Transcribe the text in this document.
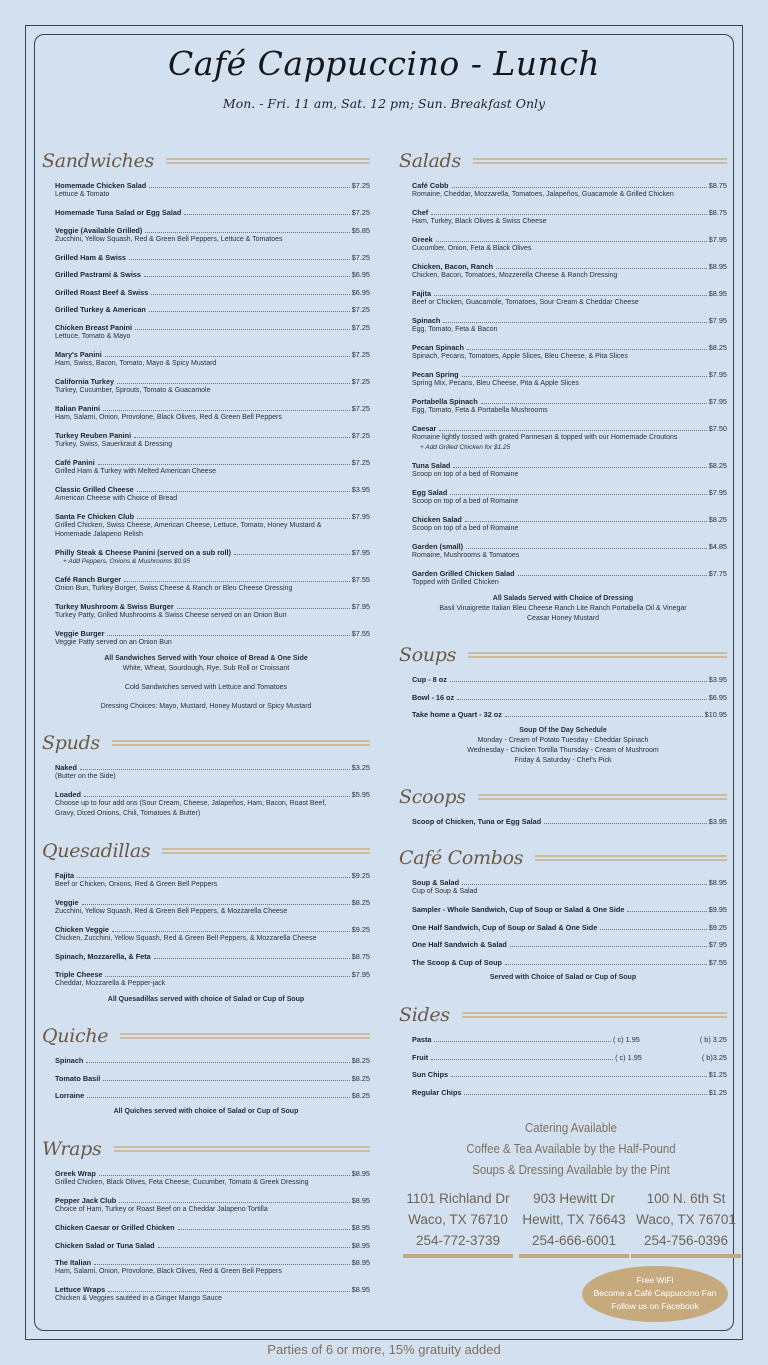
Café Cappuccino - Lunch
Mon. - Fri. 11 am, Sat. 12 pm; Sun. Breakfast Only
Sandwiches
Homemade Chicken Salad	$7.25
Lettuce & Tomato
Homemade Tuna Salad or Egg Salad	$7.25
Veggie (Available Grilled)	$5.85
Zucchini, Yellow Squash, Red & Green Bell Peppers, Lettuce & Tomatoes
Grilled Ham & Swiss	$7.25
Grilled Pastrami & Swiss	$6.95
Grilled Roast Beef & Swiss	$6.95
Grilled Turkey & American	$7.25
Chicken Breast Panini	$7.25
Lettuce, Tomato & Mayo
Mary's Panini	$7.25
Ham, Swiss, Bacon, Tomato, Mayo & Spicy Mustard
California Turkey	$7.25
Turkey, Cucumber, Sprouts, Tomato & Guacamole
Italian Panini	$7.25
Ham, Salami, Onion, Provolone, Black Olives, Red & Green Bell Peppers
Turkey Reuben Panini	$7.25
Turkey, Swiss, Sauerkraut & Dressing
Café Panini	$7.25
Grilled Ham & Turkey with Melted American Cheese
Classic Grilled Cheese	$3.95
American Cheese with Choice of Bread
Santa Fe Chicken Club	$7.95
Grilled Chicken, Swiss Cheese, American Cheese, Lettuce, Tomato, Honey Mustard &
Homemade Jalapeno Relish
Philly Steak & Cheese Panini (served on a sub roll)	$7.95
+ Add Peppers, Onions & Mushrooms $0.95
Café Ranch Burger	$7.55
Onion Bun, Turkey Burger, Swiss Cheese & Ranch or Bleu Cheese Dressing
Turkey Mushroom & Swiss Burger	$7.95
Turkey Patty, Grilled Mushrooms & Swiss Cheese served on an Onion Bun
Veggie Burger	$7.55
Veggie Patty served on an Onion Bun
All Sandwiches Served with Your choice of Bread & One Side
White, Wheat, Sourdough, Rye, Sub Roll or Croissant
Cold Sandwiches served with Lettuce and Tomatoes
Dressing Choices: Mayo, Mustard, Honey Mustard or Spicy Mustard
Spuds
Naked	$3.25
(Butter on the Side)
Loaded	$5.95
Choose up to four add ons (Sour Cream, Cheese, Jalapeños, Ham, Bacon, Roast Beef,
Gravy, Diced Onions, Chili, Tomatoes & Butter)
Quesadillas
Fajita	$9.25
Beef or Chicken, Onions, Red & Green Bell Peppers
Veggie	$8.25
Zucchini, Yellow Squash, Red & Green Bell Peppers, & Mozzarella Cheese
Chicken Veggie	$9.25
Chicken, Zucchini, Yellow Squash, Red & Green Bell Peppers, & Mozzarella Cheese
Spinach, Mozzarella, & Feta	$8.75
Triple Cheese	$7.95
Cheddar, Mozzarella & Pepper-jack
All Quesadillas served with choice of Salad or Cup of Soup
Quiche
Spinach	$8.25
Tomato Basil	$8.25
Lorraine	$8.25
All Quiches served with choice of Salad or Cup of Soup
Wraps
Greek Wrap	$8.95
Grilled Chicken, Black Olives, Feta Cheese, Cucumber, Tomato & Greek Dressing
Pepper Jack Club	$8.95
Choice of Ham, Turkey or Roast Beef on a Cheddar Jalapeno Tortilla
Chicken Caesar or Grilled Chicken	$8.95
Chicken Salad or Tuna Salad	$8.95
The Italian	$8.95
Ham, Salami, Onion, Provolone, Black Olives, Red & Green Bell Peppers
Lettuce Wraps	$8.95
Chicken & Veggies sautéed in a Ginger Mango Sauce
Salads
Café Cobb	$8.75
Romaine, Cheddar, Mozzarella, Tomatoes, Jalapeños, Guacamole & Grilled Chicken
Chef	$8.75
Ham, Turkey, Black Olives & Swiss Cheese
Greek	$7.95
Cucumber, Onion, Feta & Black Olives
Chicken, Bacon, Ranch	$8.95
Chicken, Bacon, Tomatoes, Mozzerella Cheese & Ranch Dressing
Fajita	$8.95
Beef or Chicken, Guacamole, Tomatoes, Sour Cream & Cheddar Cheese
Spinach	$7.95
Egg, Tomato, Feta & Bacon
Pecan Spinach	$8.25
Spinach, Pecans, Tomatoes, Apple Slices, Bleu Cheese, & Pita Slices
Pecan Spring	$7.95
Spring Mix, Pecans, Bleu Cheese, Pita & Apple Slices
Portabella Spinach	$7.95
Egg, Tomato, Feta & Portabella Mushrooms
Caesar	$7.50
Romaine lightly tossed with grated Parmesan & topped with our Homemade Croutons
+ Add Grilled Chicken for $1.25
Tuna Salad	$8.25
Scoop on top of a bed of Romaine
Egg Salad	$7.95
Scoop on top of a bed of Romaine
Chicken Salad	$8.25
Scoop on top of a bed of Romaine
Garden (small)	$4.85
Romaine, Mushrooms & Tomatoes
Garden Grilled Chicken Salad	$7.75
Topped with Grilled Chicken
All Salads Served with Choice of Dressing
Basil Vinaigrette Italian Bleu Cheese Ranch Lite Ranch Portabella Oil & Vinegar
Ceasar Honey Mustard
Soups
Cup - 8 oz	$3.95
Bowl - 16 oz	$6.95
Take home a Quart - 32 oz	$10.95
Soup Of the Day Schedule
Monday - Cream of Potato Tuesday - Cheddar Spinach
Wednesday - Chicken Tortilla Thursday - Cream of Mushroom
Friday & Saturday - Chef's Pick
Scoops
Scoop of Chicken, Tuna or Egg Salad	$3.95
Café Combos
Soup & Salad	$8.95
Cup of Soup & Salad
Sampler - Whole Sandwich, Cup of Soup or Salad & One Side	$9.95
One Half Sandwich, Cup of Soup or Salad & One Side	$9.25
One Half Sandwich & Salad	$7.95
The Scoop & Cup of Soup	$7.55
Served with Choice of Salad or Cup of Soup
Sides
Pasta	( c) 1.95	( b) 3.25
Fruit	( c) 1.95	( b)3.25
Sun Chips	$1.25
Regular Chips	$1.25
Catering Available
Coffee & Tea Available by the Half-Pound
Soups & Dressing Available by the Pint
1101 Richland Dr
Waco, TX 76710
254-772-3739
903 Hewitt Dr
Hewitt, TX 76643
254-666-6001
100 N. 6th St
Waco, TX 76701
254-756-0396
Free WiFi
Become a Café Cappuccino Fan
Follow us on Facebook
Parties of 6 or more, 15% gratuity added
